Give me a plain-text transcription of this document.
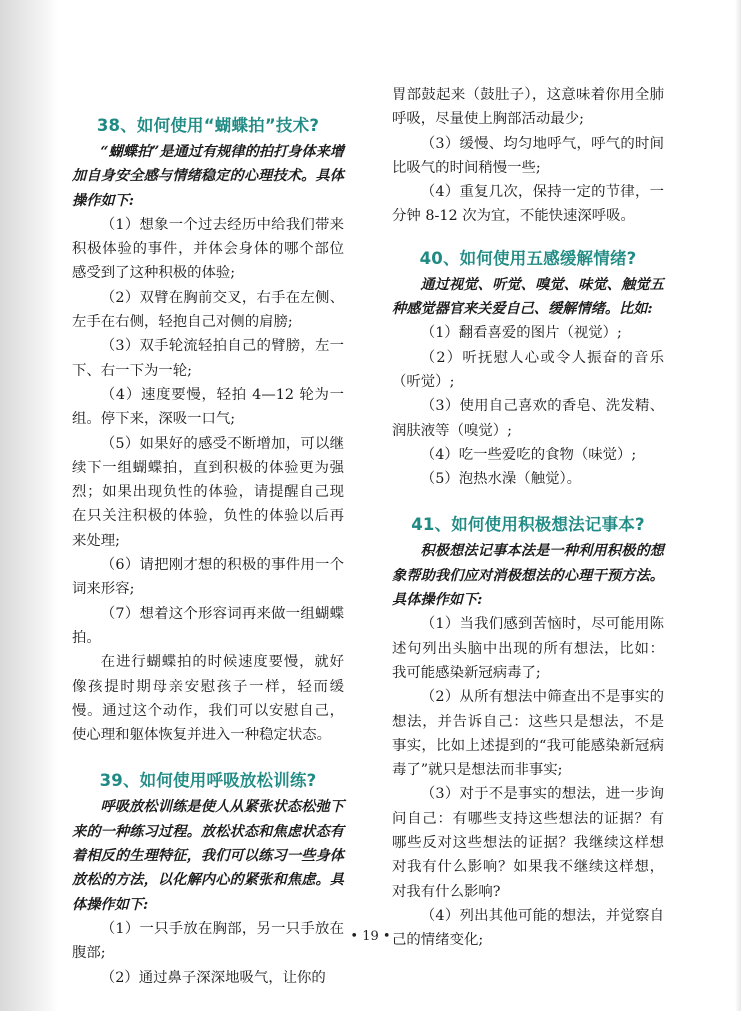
38、如何使用“蝴蝶拍”技术?

“蝴蝶拍”是通过有规律的拍打身体来增加自身安全感与情绪稳定的心理技术。具体操作如下:

（1）想象一个过去经历中给我们带来积极体验的事件，并体会身体的哪个部位感受到了这种积极的体验;

（2）双臂在胸前交叉，右手在左侧、左手在右侧，轻抱自己对侧的肩膀;

（3）双手轮流轻拍自己的臂膀，左一下、右一下为一轮;

（4）速度要慢，轻拍 4—12 轮为一组。停下来，深吸一口气;

（5）如果好的感受不断增加，可以继续下一组蝴蝶拍，直到积极的体验更为强烈；如果出现负性的体验，请提醒自己现在只关注积极的体验，负性的体验以后再来处理;

（6）请把刚才想的积极的事件用一个词来形容;

（7）想着这个形容词再来做一组蝴蝶拍。

在进行蝴蝶拍的时候速度要慢，就好像孩提时期母亲安慰孩子一样，轻而缓慢。通过这个动作，我们可以安慰自己，使心理和躯体恢复并进入一种稳定状态。

39、如何使用呼吸放松训练?

呼吸放松训练是使人从紧张状态松弛下来的一种练习过程。放松状态和焦虑状态有着相反的生理特征，我们可以练习一些身体放松的方法，以化解内心的紧张和焦虑。具体操作如下:

（1）一只手放在胸部，另一只手放在腹部;

（2）通过鼻子深深地吸气，让你的

胃部鼓起来（鼓肚子），这意味着你用全肺呼吸，尽量使上胸部活动最少;

（3）缓慢、均匀地呼气，呼气的时间比吸气的时间稍慢一些;

（4）重复几次，保持一定的节律，一分钟 8-12 次为宜，不能快速深呼吸。

40、如何使用五感缓解情绪?

通过视觉、听觉、嗅觉、味觉、触觉五种感觉器官来关爱自己、缓解情绪。比如:

（1）翻看喜爱的图片（视觉）;

（2）听抚慰人心或令人振奋的音乐（听觉）;

（3）使用自己喜欢的香皂、洗发精、润肤液等（嗅觉）;

（4）吃一些爱吃的食物（味觉）;

（5）泡热水澡（触觉）。

41、如何使用积极想法记事本?

积极想法记事本法是一种利用积极的想象帮助我们应对消极想法的心理干预方法。具体操作如下:

（1）当我们感到苦恼时，尽可能用陈述句列出头脑中出现的所有想法，比如：我可能感染新冠病毒了;

（2）从所有想法中筛查出不是事实的想法，并告诉自己：这些只是想法，不是事实，比如上述提到的“我可能感染新冠病毒了”就只是想法而非事实;

（3）对于不是事实的想法，进一步询问自己：有哪些支持这些想法的证据？有哪些反对这些想法的证据？我继续这样想对我有什么影响？如果我不继续这样想，对我有什么影响?

（4）列出其他可能的想法，并觉察自己的情绪变化;

• 19 •
